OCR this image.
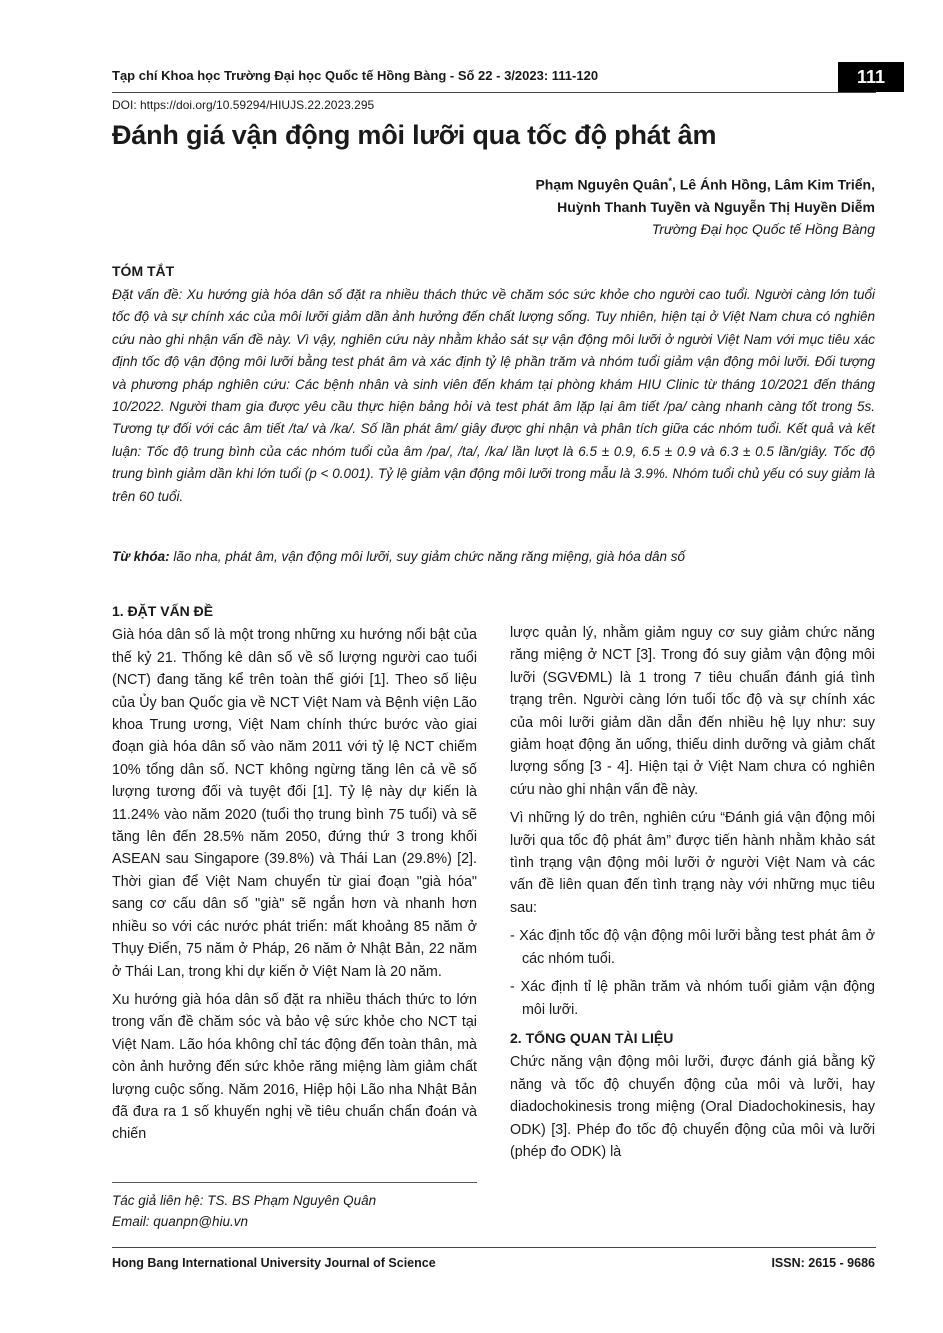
Tạp chí Khoa học Trường Đại học Quốc tế Hồng Bàng - Số 22 - 3/2023: 111-120	111
DOI: https://doi.org/10.59294/HIUJS.22.2023.295
Đánh giá vận động môi lưỡi qua tốc độ phát âm
Phạm Nguyên Quân*, Lê Ánh Hồng, Lâm Kim Triển,
Huỳnh Thanh Tuyền và Nguyễn Thị Huyền Diễm
Trường Đại học Quốc tế Hồng Bàng
TÓM TẮT
Đặt vấn đề: Xu hướng già hóa dân số đặt ra nhiều thách thức về chăm sóc sức khỏe cho người cao tuổi. Người càng lớn tuổi tốc độ và sự chính xác của môi lưỡi giảm dần ảnh hưởng đến chất lượng sống. Tuy nhiên, hiện tại ở Việt Nam chưa có nghiên cứu nào ghi nhận vấn đề này. Vì vậy, nghiên cứu này nhằm khảo sát sự vận động môi lưỡi ở người Việt Nam với mục tiêu xác định tốc độ vận động môi lưỡi bằng test phát âm và xác định tỷ lệ phần trăm và nhóm tuổi giảm vận động môi lưỡi. Đối tượng và phương pháp nghiên cứu: Các bệnh nhân và sinh viên đến khám tại phòng khám HIU Clinic từ tháng 10/2021 đến tháng 10/2022. Người tham gia được yêu cầu thực hiện bảng hỏi và test phát âm lặp lại âm tiết /pa/ càng nhanh càng tốt trong 5s. Tương tự đối với các âm tiết /ta/ và /ka/. Số lần phát âm/ giây được ghi nhận và phân tích giữa các nhóm tuổi. Kết quả và kết luận: Tốc độ trung bình của các nhóm tuổi của âm /pa/, /ta/, /ka/ lần lượt là 6.5 ± 0.9, 6.5 ± 0.9 và 6.3 ± 0.5 lần/giây. Tốc độ trung bình giảm dần khi lớn tuổi (p < 0.001). Tỷ lệ giảm vận động môi lưỡi trong mẫu là 3.9%. Nhóm tuổi chủ yếu có suy giảm là trên 60 tuổi.
Từ khóa: lão nha, phát âm, vận động môi lưỡi, suy giảm chức năng răng miệng, già hóa dân số
1. ĐẶT VẤN ĐỀ

Già hóa dân số là một trong những xu hướng nổi bật của thế kỷ 21. Thống kê dân số về số lượng người cao tuổi (NCT) đang tăng kể trên toàn thế giới [1]. Theo số liệu của Ủy ban Quốc gia về NCT Việt Nam và Bệnh viện Lão khoa Trung ương, Việt Nam chính thức bước vào giai đoạn già hóa dân số vào năm 2011 với tỷ lệ NCT chiếm 10% tổng dân số. NCT không ngừng tăng lên cả về số lượng tương đối và tuyệt đối [1]. Tỷ lệ này dự kiến là 11.24% vào năm 2020 (tuổi thọ trung bình 75 tuổi) và sẽ tăng lên đến 28.5% năm 2050, đứng thứ 3 trong khối ASEAN sau Singapore (39.8%) và Thái Lan (29.8%) [2]. Thời gian để Việt Nam chuyển từ giai đoạn "già hóa" sang cơ cấu dân số "già" sẽ ngắn hơn và nhanh hơn nhiều so với các nước phát triển: mất khoảng 85 năm ở Thụy Điển, 75 năm ở Pháp, 26 năm ở Nhật Bản, 22 năm ở Thái Lan, trong khi dự kiến ở Việt Nam là 20 năm.

Xu hướng già hóa dân số đặt ra nhiều thách thức to lớn trong vấn đề chăm sóc và bảo vệ sức khỏe cho NCT tại Việt Nam. Lão hóa không chỉ tác động đến toàn thân, mà còn ảnh hưởng đến sức khỏe răng miệng làm giảm chất lượng cuộc sống. Năm 2016, Hiệp hội Lão nha Nhật Bản đã đưa ra 1 số khuyến nghị về tiêu chuẩn chẩn đoán và chiến

lược quản lý, nhằm giảm nguy cơ suy giảm chức năng răng miệng ở NCT [3]. Trong đó suy giảm vận động môi lưỡi (SGVĐML) là 1 trong 7 tiêu chuẩn đánh giá tình trạng trên. Người càng lớn tuổi tốc độ và sự chính xác của môi lưỡi giảm dần dẫn đến nhiều hệ lụy như: suy giảm hoạt động ăn uống, thiếu dinh dưỡng và giảm chất lượng sống [3 - 4]. Hiện tại ở Việt Nam chưa có nghiên cứu nào ghi nhận vấn đề này.

Vì những lý do trên, nghiên cứu “Đánh giá vận động môi lưỡi qua tốc độ phát âm” được tiến hành nhằm khảo sát tình trạng vận động môi lưỡi ở người Việt Nam và các vấn đề liên quan đến tình trạng này với những mục tiêu sau:

- Xác định tốc độ vận động môi lưỡi bằng test phát âm ở các nhóm tuổi.
- Xác định tỉ lệ phần trăm và nhóm tuổi giảm vận động môi lưỡi.
2. TỔNG QUAN TÀI LIỆU

Chức năng vận động môi lưỡi, được đánh giá bằng kỹ năng và tốc độ chuyển động của môi và lưỡi, hay diadochokinesis trong miệng (Oral Diadochokinesis, hay ODK) [3]. Phép đo tốc độ chuyển động của môi và lưỡi (phép đo ODK) là

Tác giả liên hệ: TS. BS Phạm Nguyên Quân
Email: quanpn@hiu.vn
Hong Bang International University Journal of Science	ISSN: 2615 - 9686
